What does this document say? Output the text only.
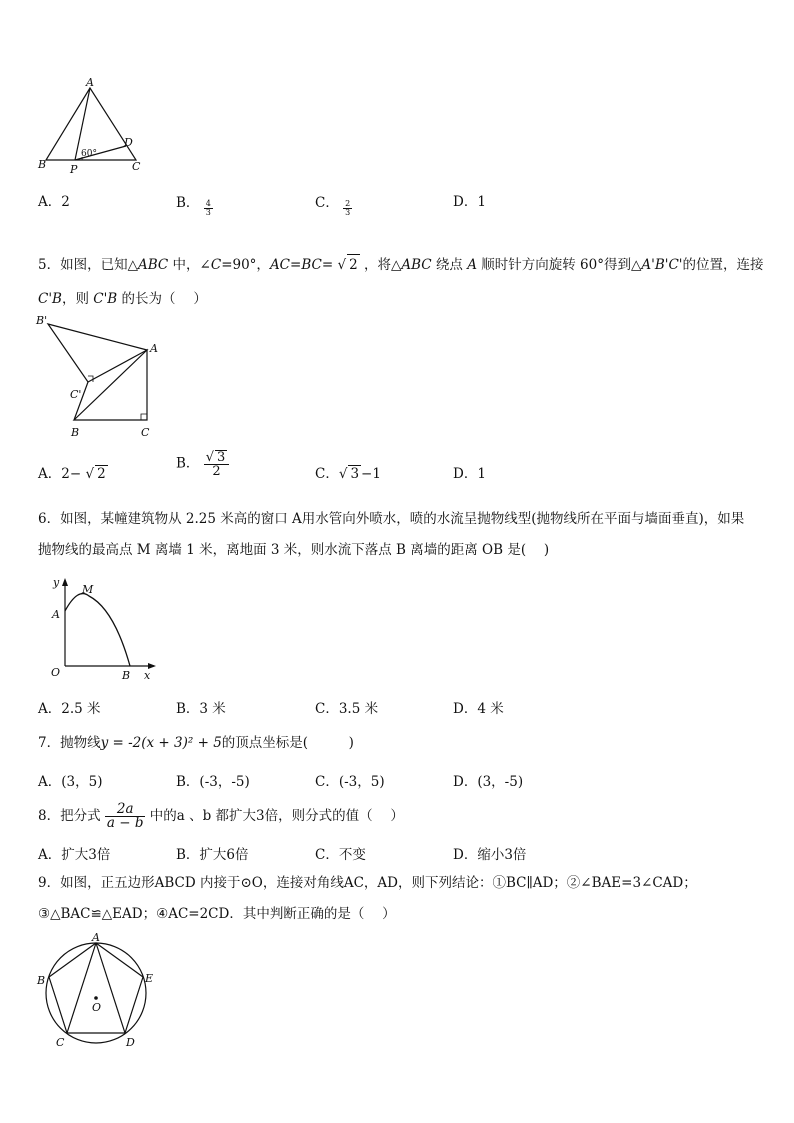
A
B	C
D
P
60°
A．2	B． $\frac{4}{3}$	C． $\frac{2}{3}$	D．1
5．如图，已知△ABC 中，∠C=90°，AC=BC= √ 2 ，将△ABC 绕点 A 顺时针方向旋转 60°得到△A'B'C'的位置，连接
C'B，则 C'B 的长为（　 ）
B'
A
C'
B	C
A．2− √ 2
B． $\frac{√ 3}{2}$	C．√ 3 −1	D．1
6．如图，某幢建筑物从 2.25 米高的窗口 A用水管向外喷水，喷的水流呈抛物线型(抛物线所在平面与墙面垂直)，如果
抛物线的最高点 M 离墙 1 米，离地面 3 米，则水流下落点 B 离墙的距离 OB 是(　 )
y
M
A
O	B x
A．2.5 米	B．3 米	C．3.5 米	D．4 米
7．抛物线y = -2(x + 3)² + 5的顶点坐标是(　　　)
A．(3，5)	B．(-3，-5)	C．(-3，5)	D．(3，-5)
8．把分式 $\frac{2a}{a - b}$ 中的a 、b 都扩大3倍，则分式的值（　 ）
A．扩大3倍	B．扩大6倍	C．不变	D．缩小3倍
9．如图，正五边形ABCD 内接于⊙O，连接对角线AC，AD，则下列结论：①BC∥AD；②∠BAE=3∠CAD；
③△BAC≌△EAD；④AC=2CD．其中判断正确的是（　 ）
A
B
C	D
E
O
